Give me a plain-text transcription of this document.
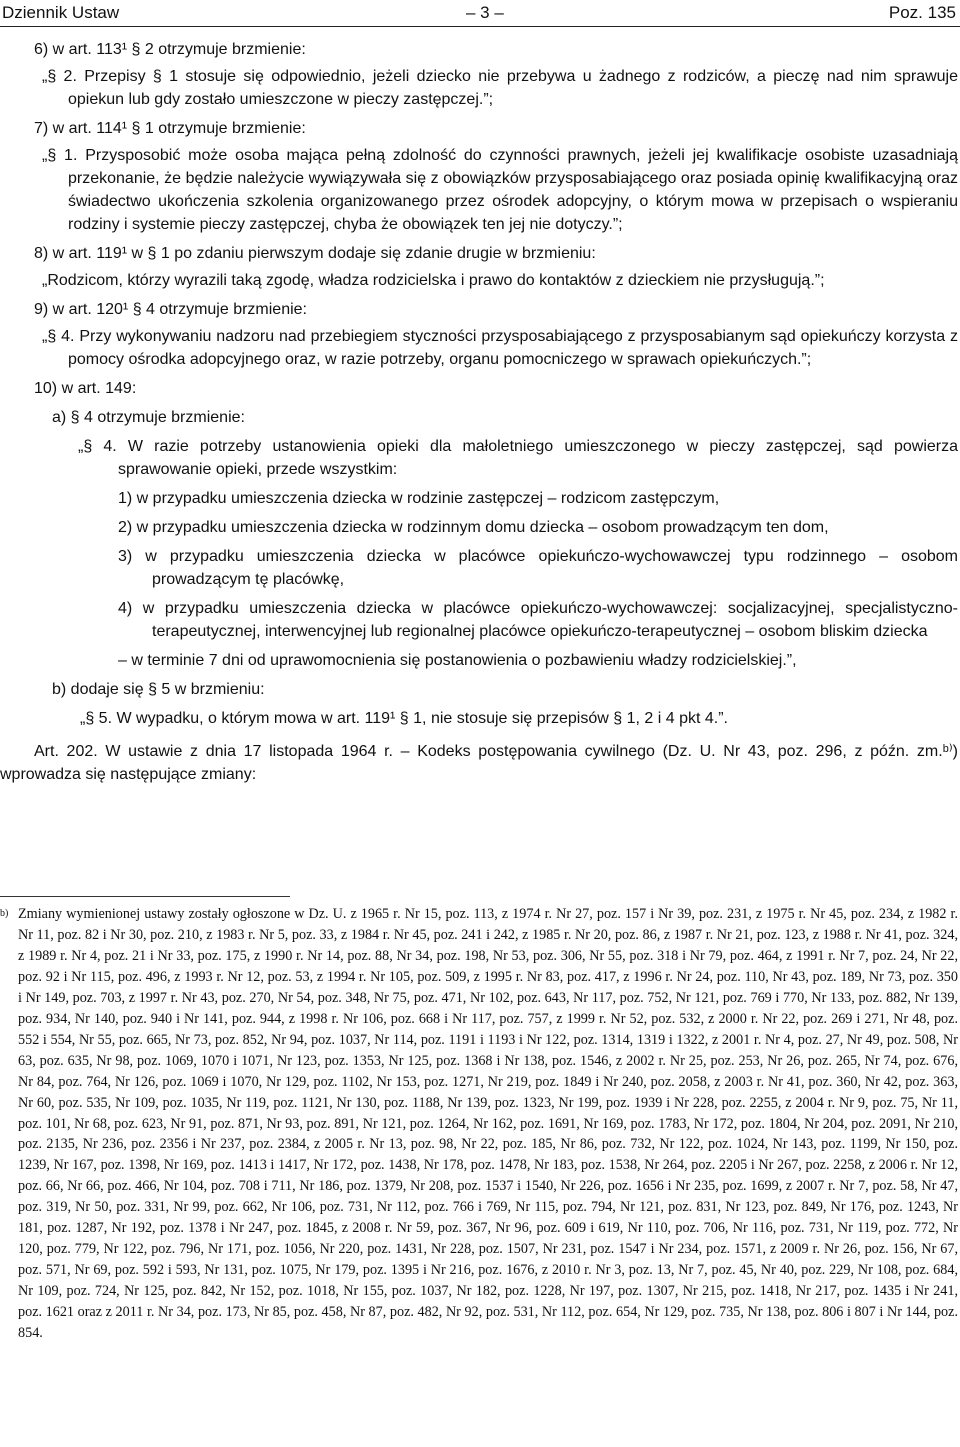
Dziennik Ustaw	– 3 –	Poz. 135

6) w art. 113¹ § 2 otrzymuje brzmienie:

„§ 2. Przepisy § 1 stosuje się odpowiednio, jeżeli dziecko nie przebywa u żadnego z rodziców, a pieczę nad nim sprawuje opiekun lub gdy zostało umieszczone w pieczy zastępczej.”;

7) w art. 114¹ § 1 otrzymuje brzmienie:

„§ 1. Przysposobić może osoba mająca pełną zdolność do czynności prawnych, jeżeli jej kwalifikacje osobiste uzasadniają przekonanie, że będzie należycie wywiązywała się z obowiązków przysposabiającego oraz posiada opinię kwalifikacyjną oraz świadectwo ukończenia szkolenia organizowanego przez ośrodek adopcyjny, o którym mowa w przepisach o wspieraniu rodziny i systemie pieczy zastępczej, chyba że obowiązek ten jej nie dotyczy.”;

8) w art. 119¹ w § 1 po zdaniu pierwszym dodaje się zdanie drugie w brzmieniu:

„Rodzicom, którzy wyrazili taką zgodę, władza rodzicielska i prawo do kontaktów z dzieckiem nie przysługują.”;

9) w art. 120¹ § 4 otrzymuje brzmienie:

„§ 4. Przy wykonywaniu nadzoru nad przebiegiem styczności przysposabiającego z przysposabianym sąd opiekuńczy korzysta z pomocy ośrodka adopcyjnego oraz, w razie potrzeby, organu pomocniczego w sprawach opiekuńczych.”;

10) w art. 149:

a) § 4 otrzymuje brzmienie:

„§ 4. W razie potrzeby ustanowienia opieki dla małoletniego umieszczonego w pieczy zastępczej, sąd powierza sprawowanie opieki, przede wszystkim:

1) w przypadku umieszczenia dziecka w rodzinie zastępczej – rodzicom zastępczym,

2) w przypadku umieszczenia dziecka w rodzinnym domu dziecka – osobom prowadzącym ten dom,

3) w przypadku umieszczenia dziecka w placówce opiekuńczo-wychowawczej typu rodzinnego – osobom prowadzącym tę placówkę,

4) w przypadku umieszczenia dziecka w placówce opiekuńczo-wychowawczej: socjalizacyjnej, specjalistyczno-terapeutycznej, interwencyjnej lub regionalnej placówce opiekuńczo-terapeutycznej – osobom bliskim dziecka

– w terminie 7 dni od uprawomocnienia się postanowienia o pozbawieniu władzy rodzicielskiej.”,

b) dodaje się § 5 w brzmieniu:

„§ 5. W wypadku, o którym mowa w art. 119¹ § 1, nie stosuje się przepisów § 1, 2 i 4 pkt 4.”.

Art. 202. W ustawie z dnia 17 listopada 1964 r. – Kodeks postępowania cywilnego (Dz. U. Nr 43, poz. 296, z późn. zm.ᵇ⁾) wprowadza się następujące zmiany:

b) Zmiany wymienionej ustawy zostały ogłoszone w Dz. U. z 1965 r. Nr 15, poz. 113, z 1974 r. Nr 27, poz. 157 i Nr 39, poz. 231, z 1975 r. Nr 45, poz. 234, z 1982 r. Nr 11, poz. 82 i Nr 30, poz. 210, z 1983 r. Nr 5, poz. 33, z 1984 r. Nr 45, poz. 241 i 242, z 1985 r. Nr 20, poz. 86, z 1987 r. Nr 21, poz. 123, z 1988 r. Nr 41, poz. 324, z 1989 r. Nr 4, poz. 21 i Nr 33, poz. 175, z 1990 r. Nr 14, poz. 88, Nr 34, poz. 198, Nr 53, poz. 306, Nr 55, poz. 318 i Nr 79, poz. 464, z 1991 r. Nr 7, poz. 24, Nr 22, poz. 92 i Nr 115, poz. 496, z 1993 r. Nr 12, poz. 53, z 1994 r. Nr 105, poz. 509, z 1995 r. Nr 83, poz. 417, z 1996 r. Nr 24, poz. 110, Nr 43, poz. 189, Nr 73, poz. 350 i Nr 149, poz. 703, z 1997 r. Nr 43, poz. 270, Nr 54, poz. 348, Nr 75, poz. 471, Nr 102, poz. 643, Nr 117, poz. 752, Nr 121, poz. 769 i 770, Nr 133, poz. 882, Nr 139, poz. 934, Nr 140, poz. 940 i Nr 141, poz. 944, z 1998 r. Nr 106, poz. 668 i Nr 117, poz. 757, z 1999 r. Nr 52, poz. 532, z 2000 r. Nr 22, poz. 269 i 271, Nr 48, poz. 552 i 554, Nr 55, poz. 665, Nr 73, poz. 852, Nr 94, poz. 1037, Nr 114, poz. 1191 i 1193 i Nr 122, poz. 1314, 1319 i 1322, z 2001 r. Nr 4, poz. 27, Nr 49, poz. 508, Nr 63, poz. 635, Nr 98, poz. 1069, 1070 i 1071, Nr 123, poz. 1353, Nr 125, poz. 1368 i Nr 138, poz. 1546, z 2002 r. Nr 25, poz. 253, Nr 26, poz. 265, Nr 74, poz. 676, Nr 84, poz. 764, Nr 126, poz. 1069 i 1070, Nr 129, poz. 1102, Nr 153, poz. 1271, Nr 219, poz. 1849 i Nr 240, poz. 2058, z 2003 r. Nr 41, poz. 360, Nr 42, poz. 363, Nr 60, poz. 535, Nr 109, poz. 1035, Nr 119, poz. 1121, Nr 130, poz. 1188, Nr 139, poz. 1323, Nr 199, poz. 1939 i Nr 228, poz. 2255, z 2004 r. Nr 9, poz. 75, Nr 11, poz. 101, Nr 68, poz. 623, Nr 91, poz. 871, Nr 93, poz. 891, Nr 121, poz. 1264, Nr 162, poz. 1691, Nr 169, poz. 1783, Nr 172, poz. 1804, Nr 204, poz. 2091, Nr 210, poz. 2135, Nr 236, poz. 2356 i Nr 237, poz. 2384, z 2005 r. Nr 13, poz. 98, Nr 22, poz. 185, Nr 86, poz. 732, Nr 122, poz. 1024, Nr 143, poz. 1199, Nr 150, poz. 1239, Nr 167, poz. 1398, Nr 169, poz. 1413 i 1417, Nr 172, poz. 1438, Nr 178, poz. 1478, Nr 183, poz. 1538, Nr 264, poz. 2205 i Nr 267, poz. 2258, z 2006 r. Nr 12, poz. 66, Nr 66, poz. 466, Nr 104, poz. 708 i 711, Nr 186, poz. 1379, Nr 208, poz. 1537 i 1540, Nr 226, poz. 1656 i Nr 235, poz. 1699, z 2007 r. Nr 7, poz. 58, Nr 47, poz. 319, Nr 50, poz. 331, Nr 99, poz. 662, Nr 106, poz. 731, Nr 112, poz. 766 i 769, Nr 115, poz. 794, Nr 121, poz. 831, Nr 123, poz. 849, Nr 176, poz. 1243, Nr 181, poz. 1287, Nr 192, poz. 1378 i Nr 247, poz. 1845, z 2008 r. Nr 59, poz. 367, Nr 96, poz. 609 i 619, Nr 110, poz. 706, Nr 116, poz. 731, Nr 119, poz. 772, Nr 120, poz. 779, Nr 122, poz. 796, Nr 171, poz. 1056, Nr 220, poz. 1431, Nr 228, poz. 1507, Nr 231, poz. 1547 i Nr 234, poz. 1571, z 2009 r. Nr 26, poz. 156, Nr 67, poz. 571, Nr 69, poz. 592 i 593, Nr 131, poz. 1075, Nr 179, poz. 1395 i Nr 216, poz. 1676, z 2010 r. Nr 3, poz. 13, Nr 7, poz. 45, Nr 40, poz. 229, Nr 108, poz. 684, Nr 109, poz. 724, Nr 125, poz. 842, Nr 152, poz. 1018, Nr 155, poz. 1037, Nr 182, poz. 1228, Nr 197, poz. 1307, Nr 215, poz. 1418, Nr 217, poz. 1435 i Nr 241, poz. 1621 oraz z 2011 r. Nr 34, poz. 173, Nr 85, poz. 458, Nr 87, poz. 482, Nr 92, poz. 531, Nr 112, poz. 654, Nr 129, poz. 735, Nr 138, poz. 806 i 807 i Nr 144, poz. 854.
